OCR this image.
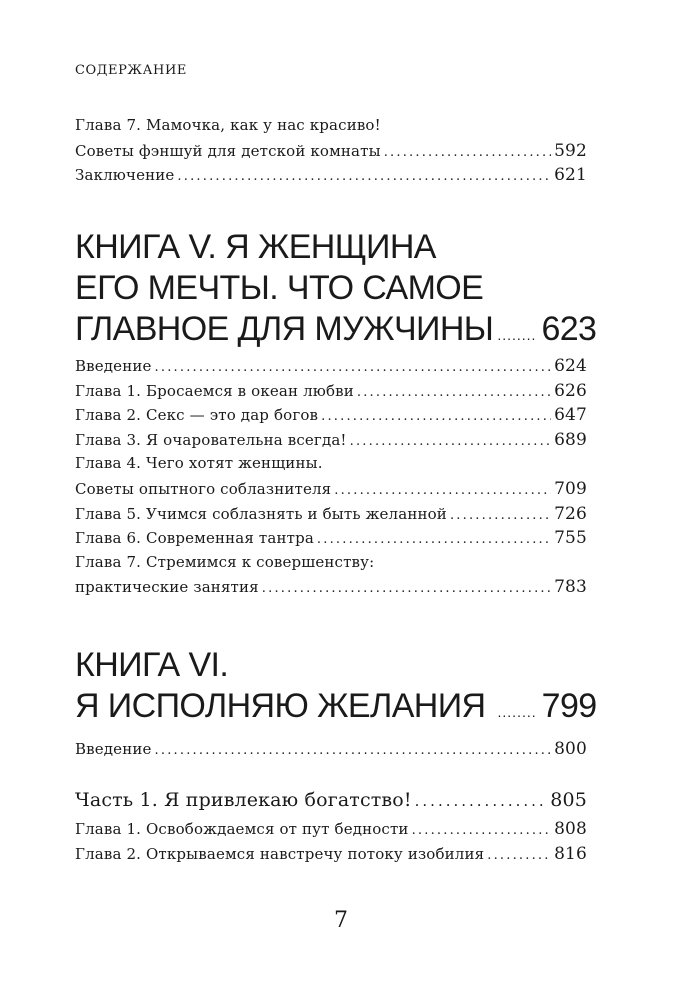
СОДЕРЖАНИЕ
Глава 7. Мамочка, как у нас красиво!
Советы фэншуй для детской комнаты .....	592
Заключение .....	621
КНИГА V. Я ЖЕНЩИНА
ЕГО МЕЧТЫ. ЧТО САМОЕ
ГЛАВНОЕ ДЛЯ МУЖЧИНЫ ........ 623
Введение .....	624
Глава 1. Бросаемся в океан любви .....	626
Глава 2. Секс — это дар богов .....	647
Глава 3. Я очаровательна всегда! .....	689
Глава 4. Чего хотят женщины.
Советы опытного соблазнителя .....	709
Глава 5. Учимся соблазнять и быть желанной .....	726
Глава 6. Современная тантра .....	755
Глава 7. Стремимся к совершенству:
практические занятия .....	783
КНИГА VI.
Я ИСПОЛНЯЮ ЖЕЛАНИЯ ........ 799
Введение .....	800
Часть 1. Я привлекаю богатство! .....	805
Глава 1. Освобождаемся от пут бедности .....	808
Глава 2. Открываемся навстречу потоку изобилия .....	816
7
